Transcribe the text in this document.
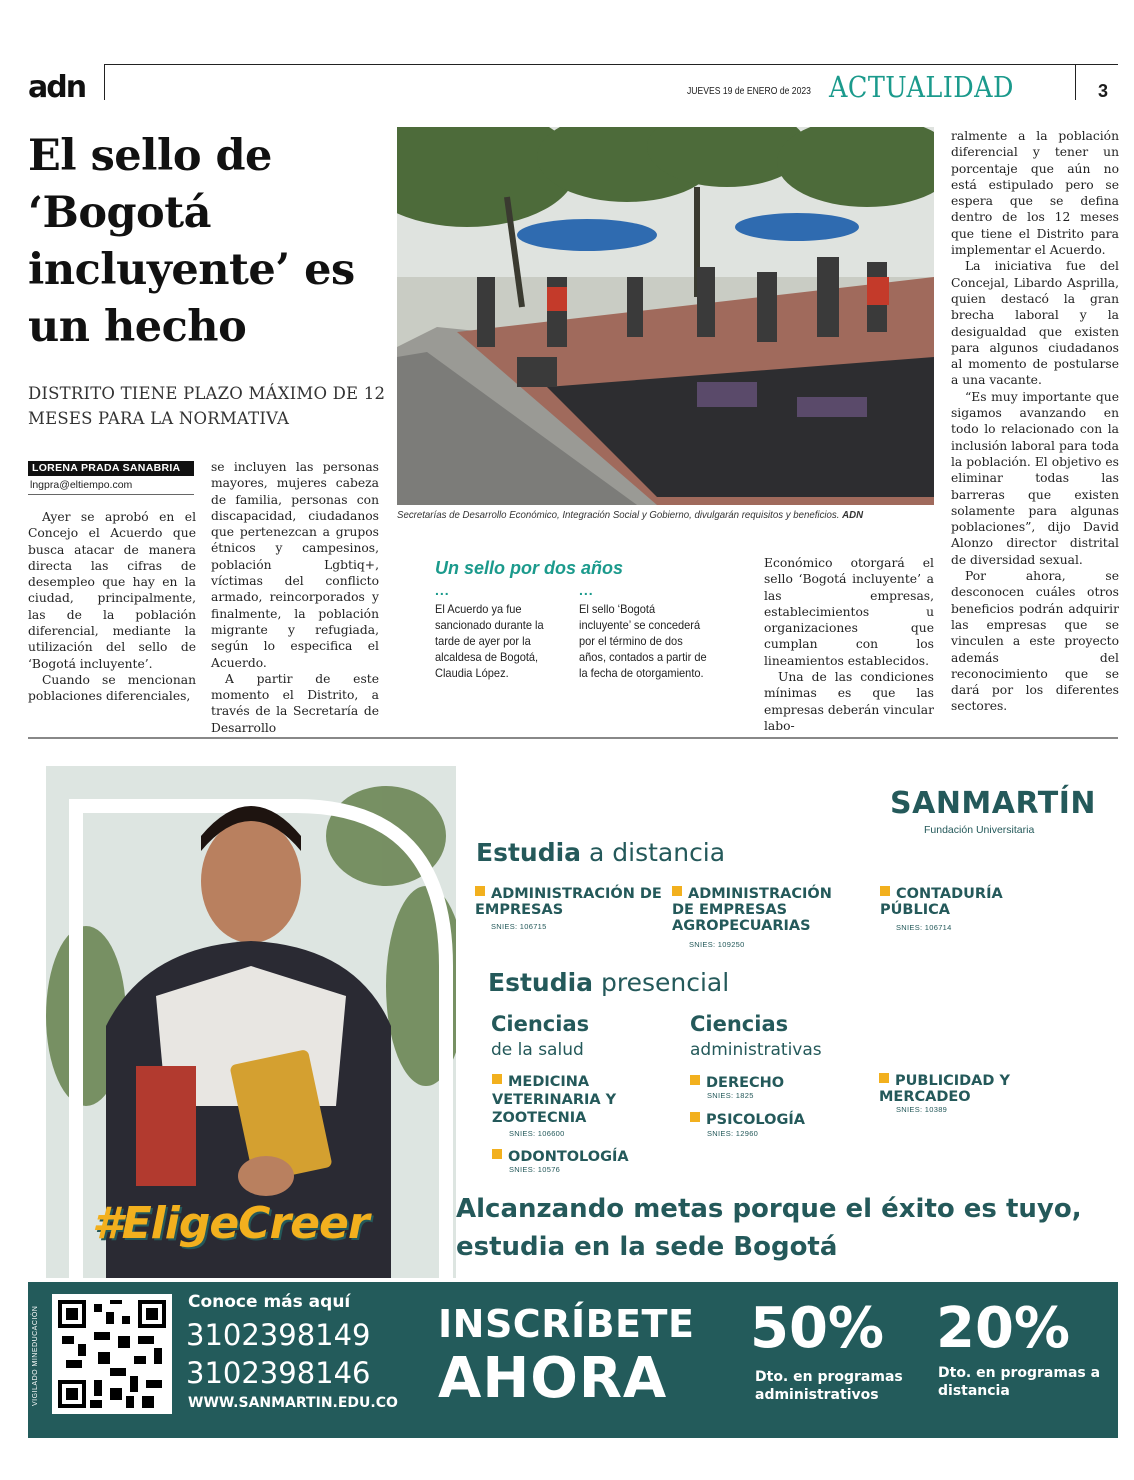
adn	JUEVES 19 de ENERO de 2023 ACTUALIDAD	3
El sello de ‘Bogotá incluyente’ es un hecho
DISTRITO TIENE PLAZO MÁXIMO DE 12 MESES PARA LA NORMATIVA
LORENA PRADA SANABRIA
lngpra@eltiempo.com

Ayer se aprobó en el Concejo el Acuerdo que busca atacar de manera directa las cifras de desempleo que hay en la ciudad, principalmente, las de la población diferencial, mediante la utilización del sello de ‘Bogotá incluyente’.

Cuando se mencionan poblaciones diferenciales,

se incluyen las personas mayores, mujeres cabeza de familia, personas con discapacidad, ciudadanos que pertenezcan a grupos étnicos y campesinos, población Lgbtiq+, víctimas del conflicto armado, reincorporados y finalmente, la población migrante y refugiada, según lo especifica el Acuerdo.

A partir de este momento el Distrito, a través de la Secretaría de Desarrollo

Económico otorgará el sello ‘Bogotá incluyente’ a las empresas, establecimientos u organizaciones que cumplan con los lineamientos establecidos.

Una de las condiciones mínimas es que las empresas deberán vincular labo-

ralmente a la población diferencial y tener un porcentaje que aún no está estipulado pero se espera que se defina dentro de los 12 meses que tiene el Distrito para implementar el Acuerdo.

La iniciativa fue del Concejal, Libardo Asprilla, quien destacó la gran brecha laboral y la desigualdad que existen para algunos ciudadanos al momento de postularse a una vacante.

“Es muy importante que sigamos avanzando en todo lo relacionado con la inclusión laboral para toda la población. El objetivo es eliminar todas las barreras que existen solamente para algunas poblaciones”, dijo David Alonzo director distrital de diversidad sexual.

Por ahora, se desconocen cuáles otros beneficios podrán adquirir las empresas que se vinculen a este proyecto además del reconocimiento que se dará por los diferentes sectores.

Secretarías de Desarrollo Económico, Integración Social y Gobierno, divulgarán requisitos y beneficios. ADN
Un sello por dos años
...	...
El Acuerdo ya fue sancionado durante la tarde de ayer por la alcaldesa de Bogotá, Claudia López.
El sello ‘Bogotá incluyente’ se concederá por el término de dos años, contados a partir de la fecha de otorgamiento.
SANMARTÍN
Fundación Universitaria
Estudia a distancia
ADMINISTRACIÓN DE EMPRESAS
SNIES: 106715
ADMINISTRACIÓN DE EMPRESAS AGROPECUARIAS
SNIES: 109250
CONTADURÍA PÚBLICA
SNIES: 106714
Estudia presencial
Ciencias
de la salud
Ciencias
administrativas
MEDICINA VETERINARIA Y ZOOTECNIA
SNIES: 106600
ODONTOLOGÍA
SNIES: 10576
DERECHO
SNIES: 1825
PSICOLOGÍA
SNIES: 12960
PUBLICIDAD Y MERCADEO
SNIES: 10389
#EligeCreer	Alcanzando metas porque el éxito es tuyo, estudia en la sede Bogotá
VIGILADO MINEDUCACIÓN
Conoce más aquí
3102398149
3102398146
WWW.SANMARTIN.EDU.CO
INSCRÍBETE
AHORA
50%
Dto. en programas administrativos
20%
Dto. en programas a distancia
